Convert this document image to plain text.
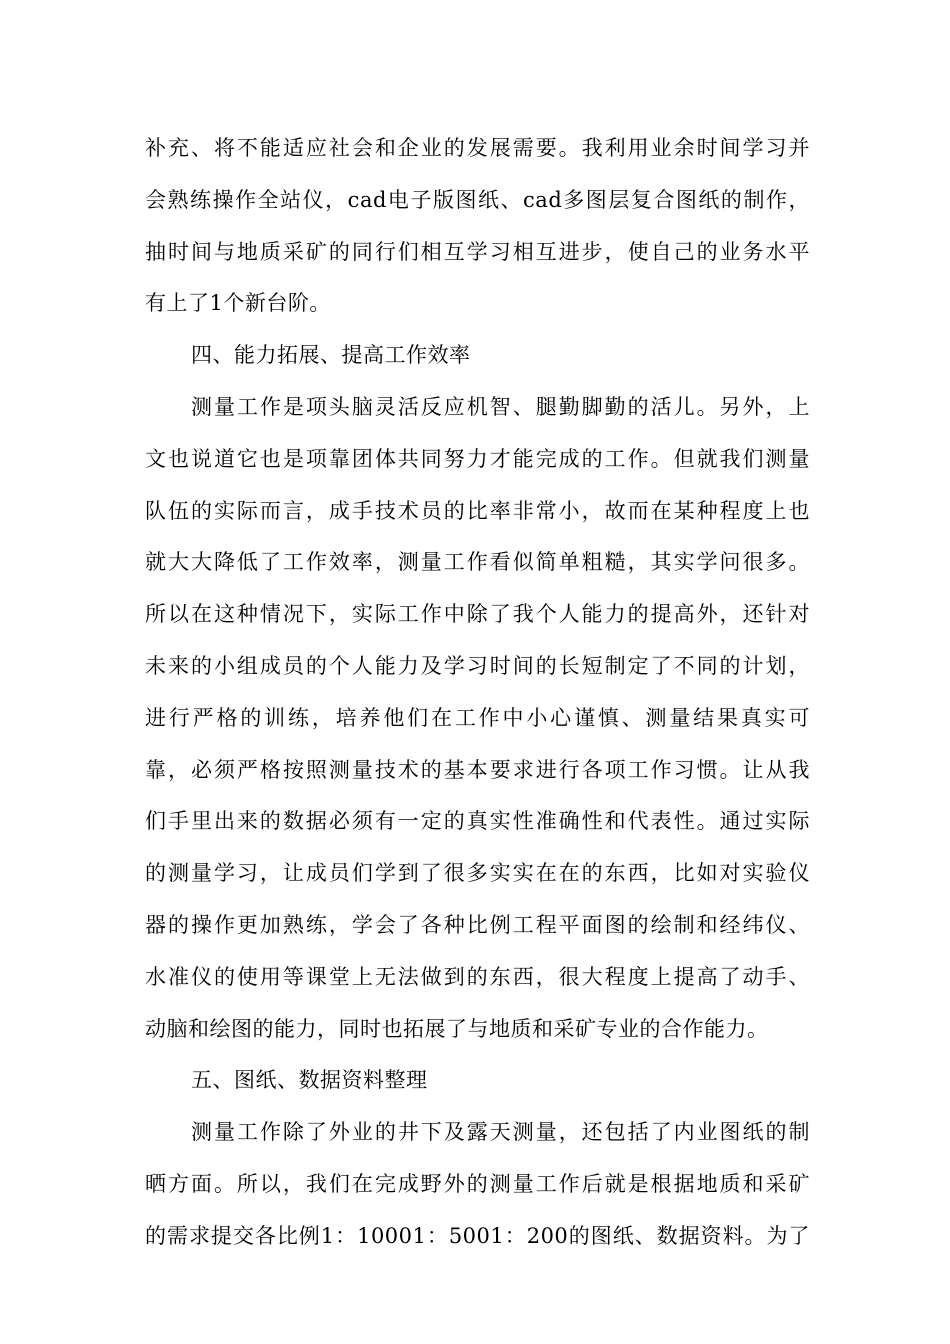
补充、将不能适应社会和企业的发展需要。我利用业余时间学习并
会熟练操作全站仪，cad电子版图纸、cad多图层复合图纸的制作，
抽时间与地质采矿的同行们相互学习相互进步，使自己的业务水平
有上了1个新台阶。
四、能力拓展、提高工作效率
测量工作是项头脑灵活反应机智、腿勤脚勤的活儿。另外，上
文也说道它也是项靠团体共同努力才能完成的工作。但就我们测量
队伍的实际而言，成手技术员的比率非常小，故而在某种程度上也
就大大降低了工作效率，测量工作看似简单粗糙，其实学问很多。
所以在这种情况下，实际工作中除了我个人能力的提高外，还针对
未来的小组成员的个人能力及学习时间的长短制定了不同的计划，
进行严格的训练，培养他们在工作中小心谨慎、测量结果真实可
靠，必须严格按照测量技术的基本要求进行各项工作习惯。让从我
们手里出来的数据必须有一定的真实性准确性和代表性。通过实际
的测量学习，让成员们学到了很多实实在在的东西，比如对实验仪
器的操作更加熟练，学会了各种比例工程平面图的绘制和经纬仪、
水准仪的使用等课堂上无法做到的东西，很大程度上提高了动手、
动脑和绘图的能力，同时也拓展了与地质和采矿专业的合作能力。
五、图纸、数据资料整理
测量工作除了外业的井下及露天测量，还包括了内业图纸的制
晒方面。所以，我们在完成野外的测量工作后就是根据地质和采矿
的需求提交各比例1：10001：5001：200的图纸、数据资料。为了
